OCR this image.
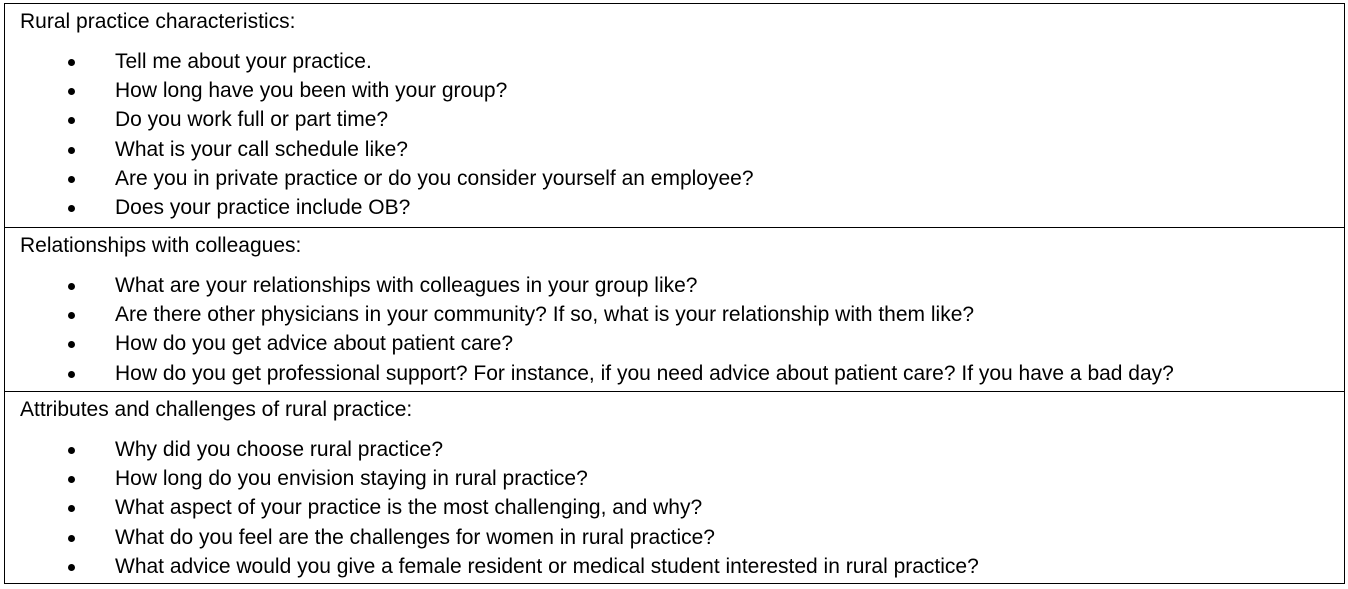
Rural practice characteristics:
Tell me about your practice.
How long have you been with your group?
Do you work full or part time?
What is your call schedule like?
Are you in private practice or do you consider yourself an employee?
Does your practice include OB?
Relationships with colleagues:
What are your relationships with colleagues in your group like?
Are there other physicians in your community? If so, what is your relationship with them like?
How do you get advice about patient care?
How do you get professional support? For instance, if you need advice about patient care? If you have a bad day?
Attributes and challenges of rural practice:
Why did you choose rural practice?
How long do you envision staying in rural practice?
What aspect of your practice is the most challenging, and why?
What do you feel are the challenges for women in rural practice?
What advice would you give a female resident or medical student interested in rural practice?
